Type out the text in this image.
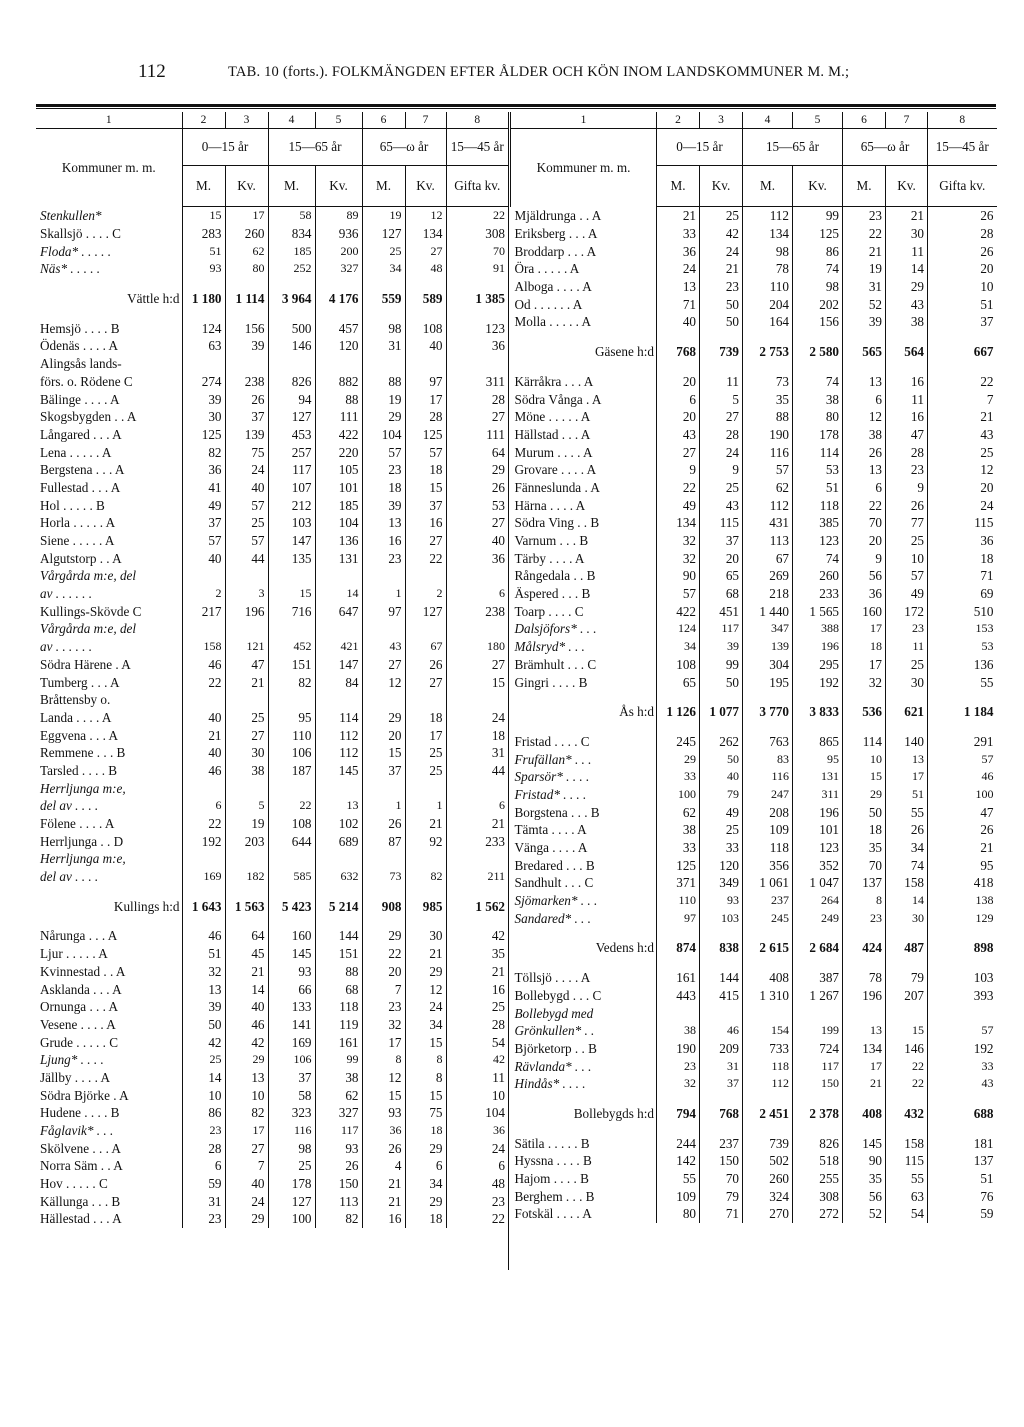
112	TAB. 10 (forts.). FOLKMÄNGDEN EFTER ÅLDER OCH KÖN INOM LANDSKOMMUNER M. M.;
1	2	3	4	5	6	7	8
Kommuner m. m.	0—15 år		15—65 år		65—ω år		15—45 år
	M.	Kv.	M.	Kv.	M.	Kv.	Gifta kv.
Stenkullen*	15	17	58	89	19	12	22
Skallsjö . . . . C	283	260	834	936	127	134	308
Floda* . . . . .	51	62	185	200	25	27	70
Näs* . . . . .	93	80	252	327	34	48	91

Vättle h:d	1 180	1 114	3 964	4 176	559	589	1 385

Hemsjö . . . . B	124	156	500	457	98	108	123
Ödenäs . . . . A	63	39	146	120	31	40	36
Alingsås lands-							
förs. o. Rödene C	274	238	826	882	88	97	311
Bälinge . . . . A	39	26	94	88	19	17	28
Skogsbygden . . A	30	37	127	111	29	28	27
Långared . . . A	125	139	453	422	104	125	111
Lena . . . . . A	82	75	257	220	57	57	64
Bergstena . . . A	36	24	117	105	23	18	29
Fullestad . . . A	41	40	107	101	18	15	26
Hol . . . . . B	49	57	212	185	39	37	53
Horla . . . . . A	37	25	103	104	13	16	27
Siene . . . . . A	57	57	147	136	16	27	40
Algutstorp . . A	40	44	135	131	23	22	36
Vårgårda m:e, del							
av . . . . . .	2	3	15	14	1	2	6
Kullings-Skövde C	217	196	716	647	97	127	238
Vårgårda m:e, del							
av . . . . . .	158	121	452	421	43	67	180
Södra Härene . A	46	47	151	147	27	26	27
Tumberg . . . A	22	21	82	84	12	27	15
Bråttensby o.							
Landa . . . . A	40	25	95	114	29	18	24
Eggvena . . . A	21	27	110	112	20	17	18
Remmene . . . B	40	30	106	112	15	25	31
Tarsled . . . . B	46	38	187	145	37	25	44
Herrljunga m:e,							
del av . . . .	6	5	22	13	1	1	6
Fölene . . . . A	22	19	108	102	26	21	21
Herrljunga . . D	192	203	644	689	87	92	233
Herrljunga m:e,							
del av . . . .	169	182	585	632	73	82	211

Kullings h:d	1 643	1 563	5 423	5 214	908	985	1 562

Nårunga . . . A	46	64	160	144	29	30	42
Ljur . . . . . A	51	45	145	151	22	21	35
Kvinnestad . . A	32	21	93	88	20	29	21
Asklanda . . . A	13	14	66	68	7	12	16
Ornunga . . . A	39	40	133	118	23	24	25
Vesene . . . . A	50	46	141	119	32	34	28
Grude . . . . . C	42	42	169	161	17	15	54
Ljung* . . . .	25	29	106	99	8	8	42
Jällby . . . . A	14	13	37	38	12	8	11
Södra Björke . A	10	10	58	62	15	15	10
Hudene . . . . B	86	82	323	327	93	75	104
Fåglavik* . . .	23	17	116	117	36	18	36
Skölvene . . . A	28	27	98	93	26	29	24
Norra Säm . . A	6	7	25	26	4	6	6
Hov . . . . . C	59	40	178	150	21	34	48
Källunga . . . B	31	24	127	113	21	29	23
Hällestad . . . A	23	29	100	82	16	18	22
1	2	3	4	5	6	7	8
Kommuner m. m.	0—15 år		15—65 år		65—ω år		15—45 år
	M.	Kv.	M.	Kv.	M.	Kv.	Gifta kv.
Mjäldrunga . . A	21	25	112	99	23	21	26
Eriksberg . . . A	33	42	134	125	22	30	28
Broddarp . . . A	36	24	98	86	21	11	26
Öra . . . . . A	24	21	78	74	19	14	20
Alboga . . . . A	13	23	110	98	31	29	10
Od . . . . . . A	71	50	204	202	52	43	51
Molla . . . . . A	40	50	164	156	39	38	37

Gäsene h:d	768	739	2 753	2 580	565	564	667

Kärråkra . . . A	20	11	73	74	13	16	22
Södra Vånga . A	6	5	35	38	6	11	7
Möne . . . . . A	20	27	88	80	12	16	21
Hällstad . . . A	43	28	190	178	38	47	43
Murum . . . . A	27	24	116	114	26	28	25
Grovare . . . . A	9	9	57	53	13	23	12
Fänneslunda . A	22	25	62	51	6	9	20
Härna . . . . A	49	43	112	118	22	26	24
Södra Ving . . B	134	115	431	385	70	77	115
Varnum . . . B	32	37	113	123	20	25	36
Tärby . . . . A	32	20	67	74	9	10	18
Rångedala . . B	90	65	269	260	56	57	71
Äspered . . . B	57	68	218	233	36	49	69
Toarp . . . . C	422	451	1 440	1 565	160	172	510
Dalsjöfors* . . .	124	117	347	388	17	23	153
Målsryd* . . .	34	39	139	196	18	11	53
Brämhult . . . C	108	99	304	295	17	25	136
Gingri . . . . B	65	50	195	192	32	30	55

Ås h:d	1 126	1 077	3 770	3 833	536	621	1 184

Fristad . . . . C	245	262	763	865	114	140	291
Frufällan* . . .	29	50	83	95	10	13	57
Sparsör* . . . .	33	40	116	131	15	17	46
Fristad* . . . .	100	79	247	311	29	51	100
Borgstena . . . B	62	49	208	196	50	55	47
Tämta . . . . A	38	25	109	101	18	26	26
Vänga . . . . A	33	33	118	123	35	34	21
Bredared . . . B	125	120	356	352	70	74	95
Sandhult . . . C	371	349	1 061	1 047	137	158	418
Sjömarken* . . .	110	93	237	264	8	14	138
Sandared* . . .	97	103	245	249	23	30	129

Vedens h:d	874	838	2 615	2 684	424	487	898

Töllsjö . . . . A	161	144	408	387	78	79	103
Bollebygd . . . C	443	415	1 310	1 267	196	207	393
Bollebygd med							
Grönkullen* . .	38	46	154	199	13	15	57
Björketorp . . B	190	209	733	724	134	146	192
Rävlanda* . . .	23	31	118	117	17	22	33
Hindås* . . . .	32	37	112	150	21	22	43

Bollebygds h:d	794	768	2 451	2 378	408	432	688

Sätila . . . . . B	244	237	739	826	145	158	181
Hyssna . . . . B	142	150	502	518	90	115	137
Hajom . . . . B	55	70	260	255	35	55	51
Berghem . . . B	109	79	324	308	56	63	76
Fotskäl . . . . A	80	71	270	272	52	54	59
